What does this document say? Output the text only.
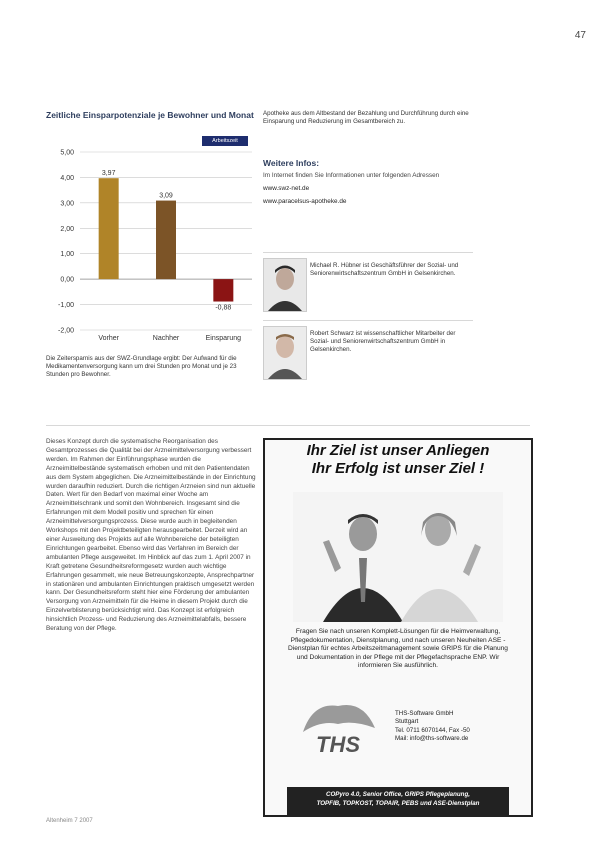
47
Zeitliche Einsparpotenziale je Bewohner und Monat
Arbeitszeit
5,00
4,00
3,00
2,00
1,00
0,00
-1,00
-2,00
3,97
Vorher
3,09
Nachher
-0,88
Einsparung
Die Zeitersparnis aus der SWZ-Grundlage ergibt: Der Aufwand für die Medikamentenversorgung kann um drei Stunden pro Monat und je 23 Stunden pro Bewohner.
Apotheke aus dem Altbestand der Bezahlung und Durchführung durch eine Einsparung und Reduzierung im Gesamtbereich zu.
Weitere Infos:
Im Internet finden Sie Informationen unter folgenden Adressen
www.swz-net.de
www.paracelsus-apotheke.de
Michael R. Hübner ist Geschäftsführer der Sozial- und Seniorenwirtschaftszentrum GmbH in Gelsenkirchen.
Robert Schwarz ist wissenschaftlicher Mitarbeiter der Sozial- und Seniorenwirtschaftszentrum GmbH in Gelsenkirchen.
Dieses Konzept durch die systematische Reorganisation des Gesamtprozesses die Qualität bei der Arzneimittelversorgung verbessert werden. Im Rahmen der Einführungsphase wurden die Arzneimittelbestände systematisch erhoben und mit den Patientendaten aus dem System abgeglichen. Die Arzneimittelbestände in der Einrichtung wurden daraufhin reduziert. Durch die richtigen Arzneien sind nun aktuelle Daten. Wert für den Bedarf von maximal einer Woche am Arzneimittelschrank und somit den Wohnbereich. Insgesamt sind die Erfahrungen mit dem Modell positiv und sprechen für einen Arzneimittelversorgungsprozess. Diese wurde auch in begleitenden Workshops mit den Projektbeteiligten herausgearbeitet. Derzeit wird an einer Ausweitung des Projekts auf alle Wohnbereiche der beteiligten Einrichtungen gearbeitet. Ebenso wird das Verfahren im Bereich der ambulanten Pflege ausgeweitet. Im Hinblick auf das zum 1. April 2007 in Kraft getretene Gesundheitsreformgesetz wurden auch wichtige Erfahrungen gesammelt, wie neue Betreuungskonzepte, Ansprechpartner in stationären und ambulanten Einrichtungen praktisch umgesetzt werden kann. Der Gesundheitsreform steht hier eine Förderung der ambulanten Versorgung von Arzneimitteln für die Heime in diesem Projekt durch die Einzelverblisterung berücksichtigt wird. Das Konzept ist erfolgreich hinsichtlich Prozess- und Reduzierung des Arzneimittelabfalls, bessere Beratung von der Pflege.
Altenheim 7 2007
Ihr Ziel ist unser Anliegen
Ihr Erfolg ist unser Ziel !
Fragen Sie nach unseren Komplett-Lösungen für die Heimverwaltung, Pflegedokumentation, Dienstplanung, und nach unseren Neuheiten ASE - Dienstplan für echtes Arbeitszeitmanagement sowie GRIPS für die Planung und Dokumentation in der Pflege mit der Pflegefachsprache ENP. Wir informieren Sie ausführlich.
THS
THS-Software GmbH
Stuttgart
Tel. 0711 6070144, Fax -50
Mail: info@ths-software.de
COPyro 4.0, Senior Office, GRIPS Pflegeplanung,
TOPFIB, TOPKOST, TOPAIR, PEBS und ASE-Dienstplan
